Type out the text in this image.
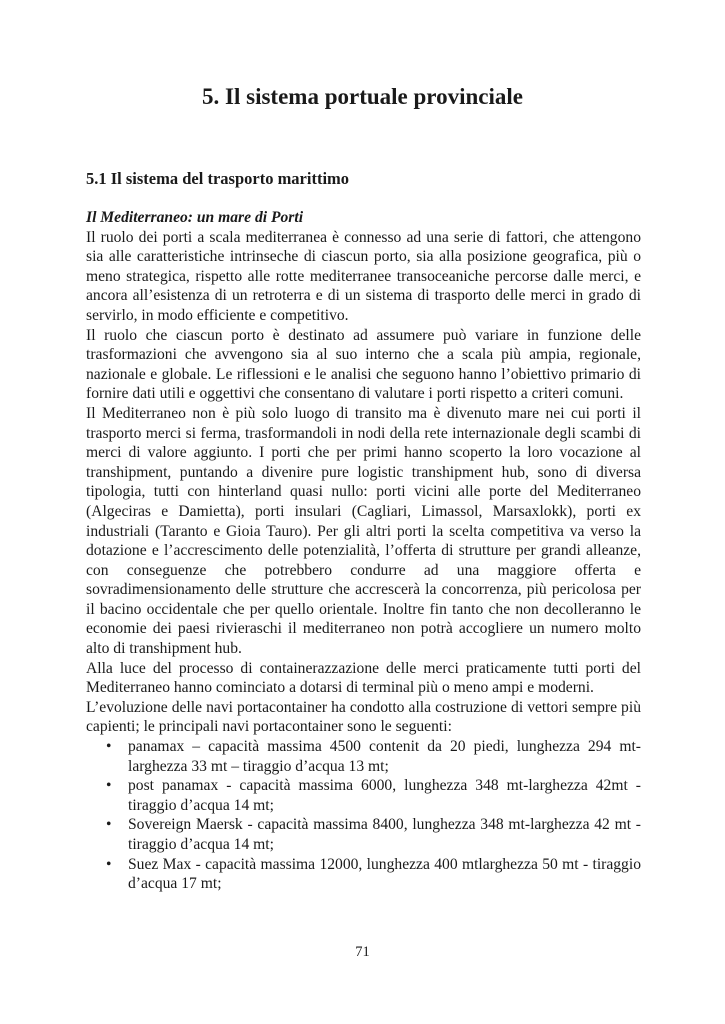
5. Il sistema portuale provinciale
5.1 Il sistema del trasporto marittimo

Il Mediterraneo: un mare di Porti

Il ruolo dei porti a scala mediterranea è connesso ad una serie di fattori, che attengono sia alle caratteristiche intrinseche di ciascun porto, sia alla posizione geografica, più o meno strategica, rispetto alle rotte mediterranee transoceaniche percorse dalle merci, e ancora all’esistenza di un retroterra e di un sistema di trasporto delle merci in grado di servirlo, in modo efficiente e competitivo.

Il ruolo che ciascun porto è destinato ad assumere può variare in funzione delle trasformazioni che avvengono sia al suo interno che a scala più ampia, regionale, nazionale e globale. Le riflessioni e le analisi che seguono hanno l’obiettivo primario di fornire dati utili e oggettivi che consentano di valutare i porti rispetto a criteri comuni.

Il Mediterraneo non è più solo luogo di transito ma è divenuto mare nei cui porti il trasporto merci si ferma, trasformandoli in nodi della rete internazionale degli scambi di merci di valore aggiunto. I porti che per primi hanno scoperto la loro vocazione al transhipment, puntando a divenire pure logistic transhipment hub, sono di diversa tipologia, tutti con hinterland quasi nullo: porti vicini alle porte del Mediterraneo (Algeciras e Damietta), porti insulari (Cagliari, Limassol, Marsaxlokk), porti ex industriali (Taranto e Gioia Tauro). Per gli altri porti la scelta competitiva va verso la dotazione e l’accrescimento delle potenzialità, l’offerta di strutture per grandi alleanze, con conseguenze che potrebbero condurre ad una maggiore offerta e sovradimensionamento delle strutture che accrescerà la concorrenza, più pericolosa per il bacino occidentale che per quello orientale. Inoltre fin tanto che non decolleranno le economie dei paesi rivieraschi il mediterraneo non potrà accogliere un numero molto alto di transhipment hub.

Alla luce del processo di containerazzazione delle merci praticamente tutti porti del Mediterraneo hanno cominciato a dotarsi di terminal più o meno ampi e moderni.

L’evoluzione delle navi portacontainer ha condotto alla costruzione di vettori sempre più capienti; le principali navi portacontainer sono le seguenti:

• panamax – capacità massima 4500 contenit da 20 piedi, lunghezza 294 mt-larghezza 33 mt – tiraggio d’acqua 13 mt;
• post panamax - capacità massima 6000, lunghezza 348 mt-larghezza 42mt - tiraggio d’acqua 14 mt;
• Sovereign Maersk - capacità massima 8400, lunghezza 348 mt-larghezza 42 mt - tiraggio d’acqua 14 mt;
• Suez Max - capacità massima 12000, lunghezza 400 mtlarghezza 50 mt - tiraggio d’acqua 17 mt;
71
